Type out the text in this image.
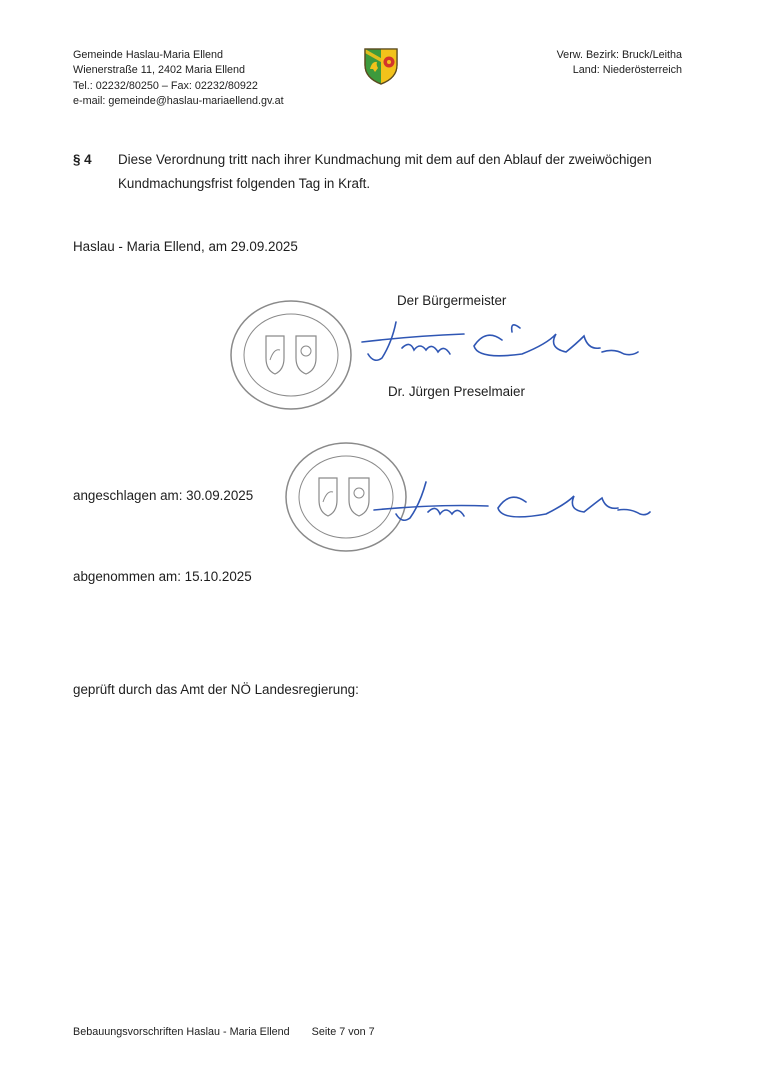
Gemeinde Haslau-Maria Ellend
Wienerstraße 11, 2402 Maria Ellend
Tel.: 02232/80250 – Fax: 02232/80922
e-mail: gemeinde@haslau-mariaellend.gv.at
Verw. Bezirk: Bruck/Leitha
Land: Niederösterreich
§ 4 Diese Verordnung tritt nach ihrer Kundmachung mit dem auf den Ablauf der zweiwöchigen
Kundmachungsfrist folgenden Tag in Kraft.
Haslau - Maria Ellend, am 29.09.2025
Der Bürgermeister
Dr. Jürgen Preselmaier
angeschlagen am: 30.09.2025
abgenommen am: 15.10.2025
geprüft durch das Amt der NÖ Landesregierung:
Bebauungsvorschriften Haslau - Maria Ellend Seite 7 von 7
